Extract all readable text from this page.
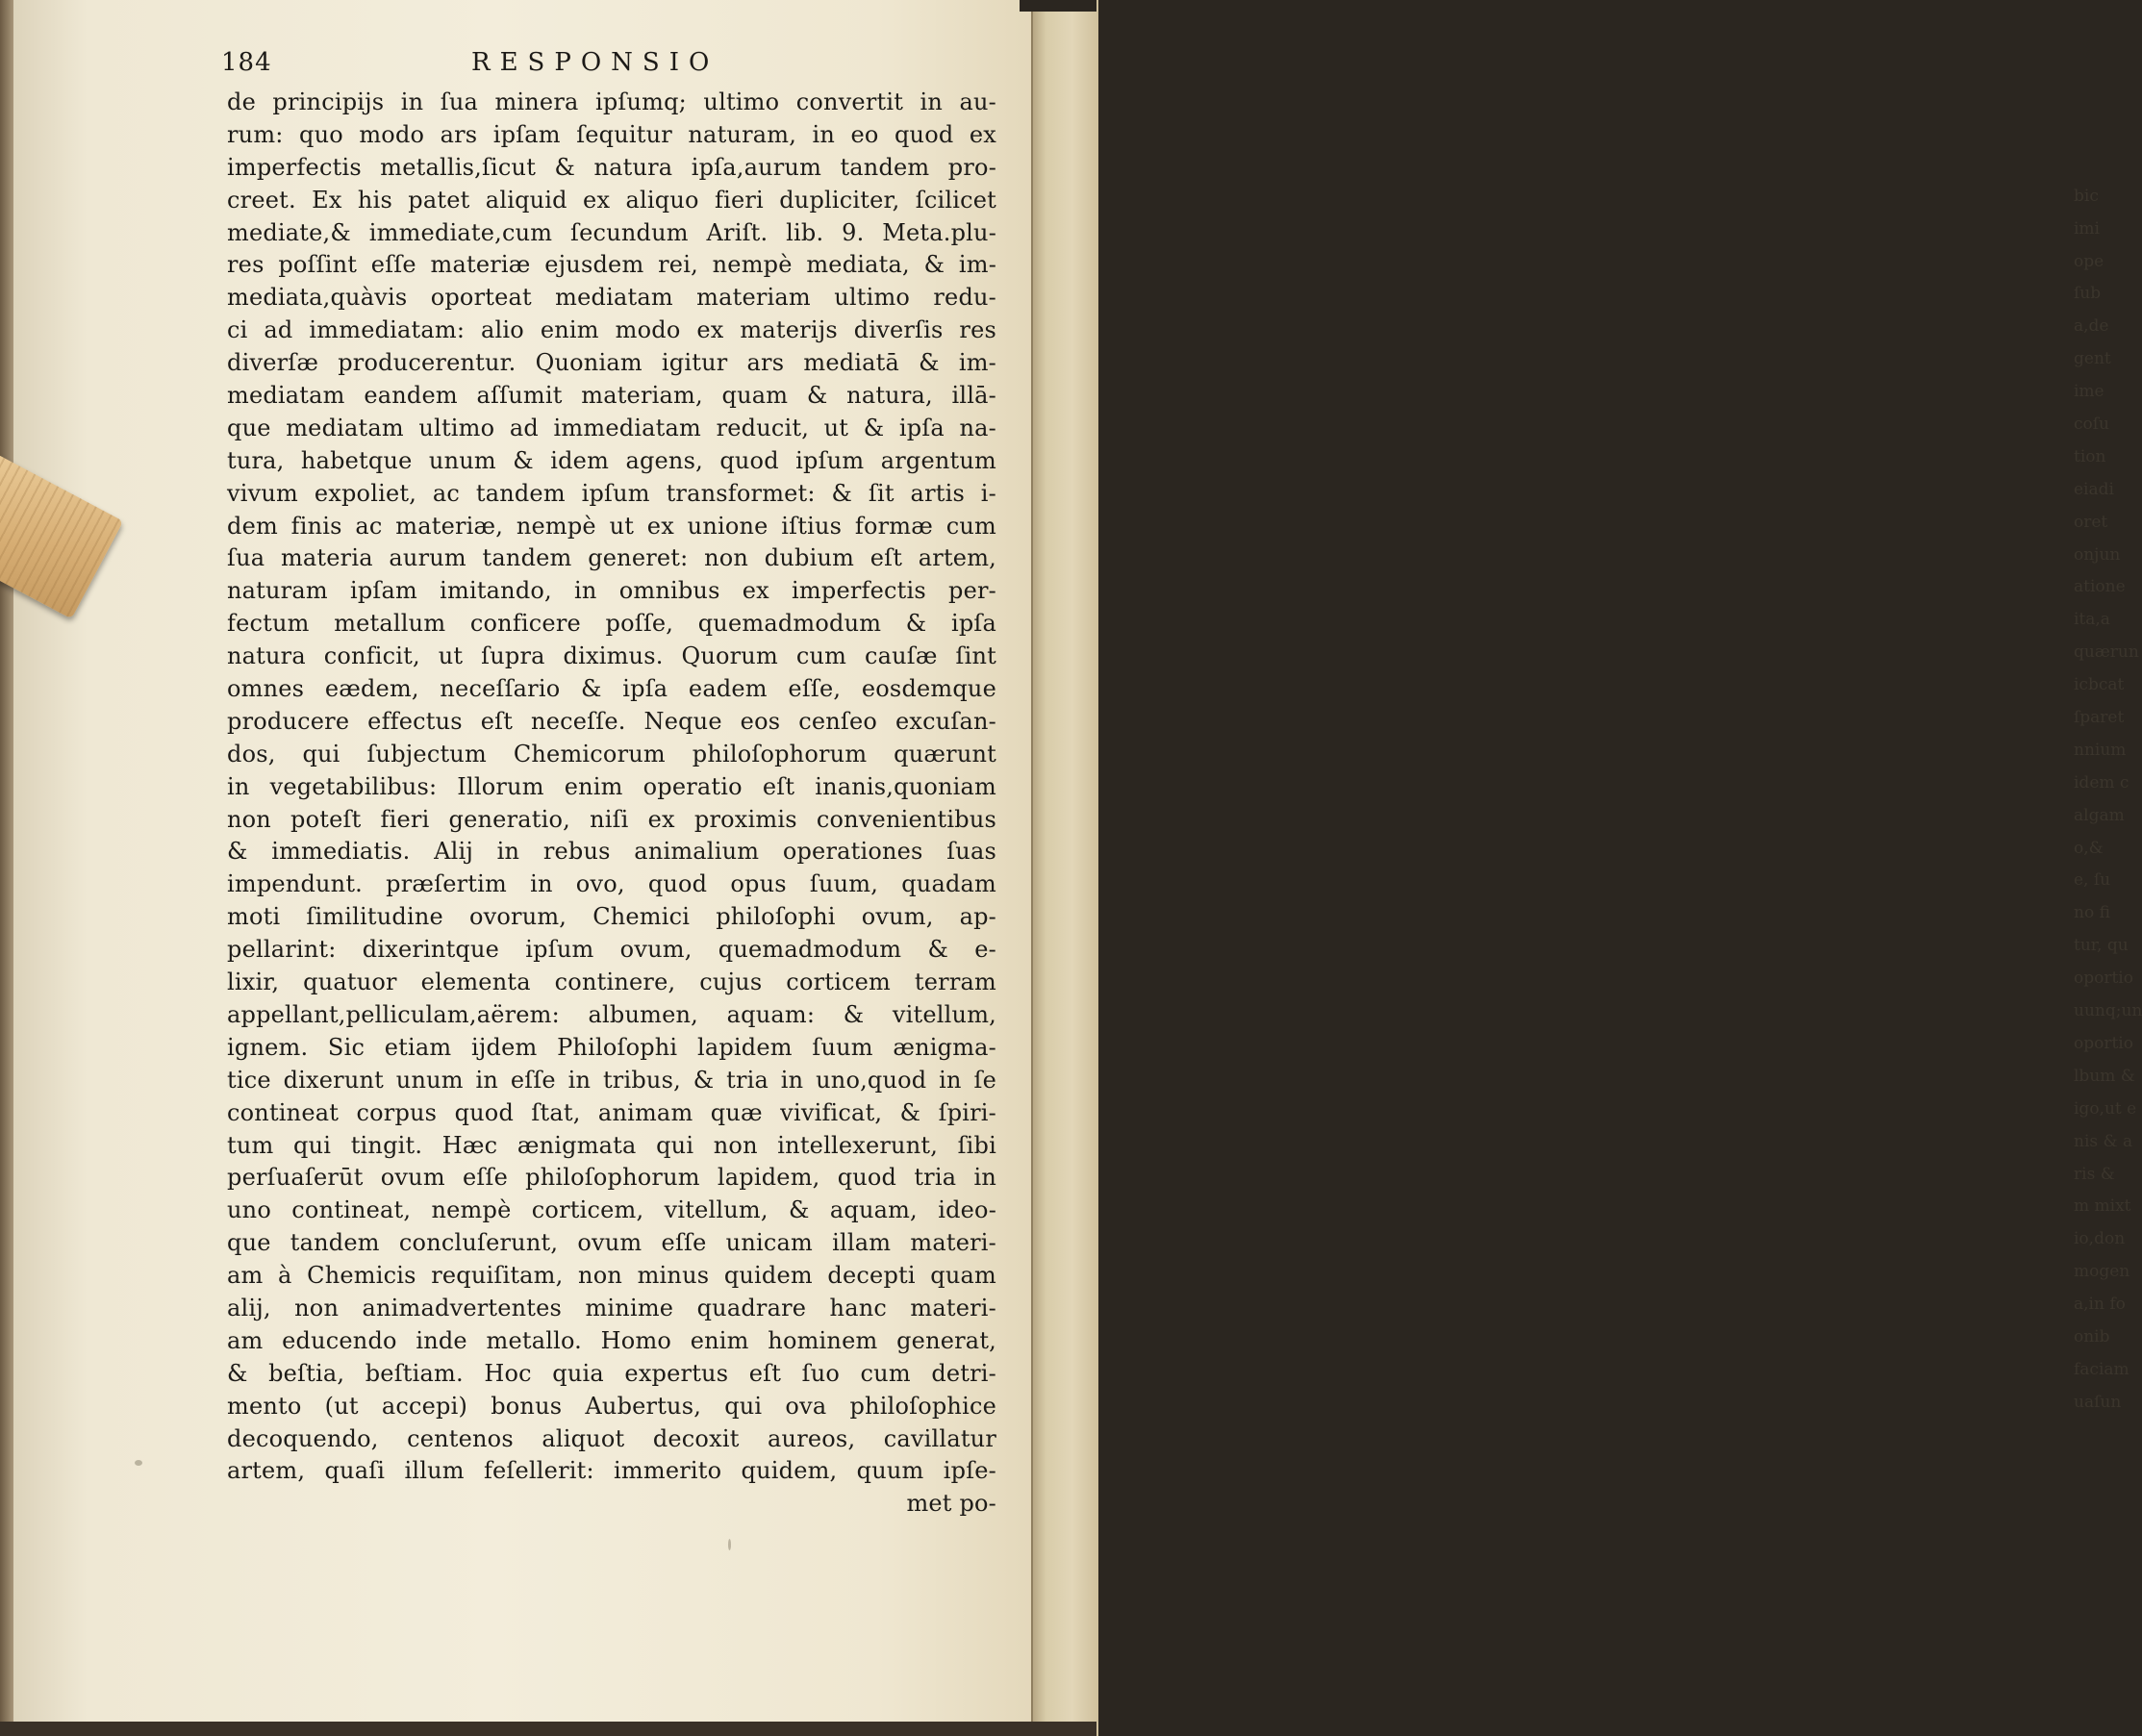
bic
imi
ope
ſub
a,de
gent
ime
coſu
tion
eiadi
oret
onjun
atione
ita,a
quærun
icbcat
ſparet
nnium
idem c
algam
o,&
e, ſu
no fi
tur, qu
oportio
uunq;un
oportio
lbum &
igo,ut e
nis & a
ris &
m mixt
io,don
mogen
a,in fo
onib
faciam
uaſun
184	RESPONSIO
de principijs in ſua minera ipſumq; ultimo convertit in au-
rum: quo modo ars ipſam ſequitur naturam, in eo quod ex
imperfectis metallis,ſicut & natura ipſa,aurum tandem pro-
creet. Ex his patet aliquid ex aliquo fieri dupliciter, ſcilicet
mediate,& immediate,cum ſecundum Ariſt. lib. 9. Meta.plu-
res poſſint eſſe materiæ ejusdem rei, nempè mediata, & im-
mediata,quàvis oporteat mediatam materiam ultimo redu-
ci ad immediatam: alio enim modo ex materijs diverſis res
diverſæ producerentur. Quoniam igitur ars mediatā & im-
mediatam eandem aſſumit materiam, quam & natura, illā-
que mediatam ultimo ad immediatam reducit, ut & ipſa na-
tura, habetque unum & idem agens, quod ipſum argentum
vivum expoliet, ac tandem ipſum transformet: & ſit artis i-
dem finis ac materiæ, nempè ut ex unione iſtius formæ cum
ſua materia aurum tandem generet: non dubium eſt artem,
naturam ipſam imitando, in omnibus ex imperfectis per-
fectum metallum conficere poſſe, quemadmodum & ipſa
natura conficit, ut ſupra diximus. Quorum cum cauſæ ſint
omnes eædem, neceſſario & ipſa eadem eſſe, eosdemque
producere effectus eſt neceſſe. Neque eos cenſeo excuſan-
dos, qui ſubjectum Chemicorum philoſophorum quærunt
in vegetabilibus: Illorum enim operatio eſt inanis,quoniam
non poteſt fieri generatio, niſi ex proximis convenientibus
& immediatis. Alij in rebus animalium operationes ſuas
impendunt. præſertim in ovo, quod opus ſuum, quadam
moti ſimilitudine ovorum, Chemici philoſophi ovum, ap-
pellarint: dixerintque ipſum ovum, quemadmodum & e-
lixir, quatuor elementa continere, cujus corticem terram
appellant,pelliculam,aërem: albumen, aquam: & vitellum,
ignem. Sic etiam ijdem Philoſophi lapidem ſuum ænigma-
tice dixerunt unum in eſſe in tribus, & tria in uno,quod in ſe
contineat corpus quod ſtat, animam quæ vivificat, & ſpiri-
tum qui tingit. Hæc ænigmata qui non intellexerunt, ſibi
perſuaſerūt ovum eſſe philoſophorum lapidem, quod tria in
uno contineat, nempè corticem, vitellum, & aquam, ideo-
que tandem concluſerunt, ovum eſſe unicam illam materi-
am à Chemicis requiſitam, non minus quidem decepti quam
alij, non animadvertentes minime quadrare hanc materi-
am educendo inde metallo. Homo enim hominem generat,
& beſtia, beſtiam. Hoc quia expertus eſt ſuo cum detri-
mento (ut accepi) bonus Aubertus, qui ova philoſophice
decoquendo, centenos aliquot decoxit aureos, cavillatur
artem, quaſi illum feſellerit: immerito quidem, quum ipſe-
met po-
